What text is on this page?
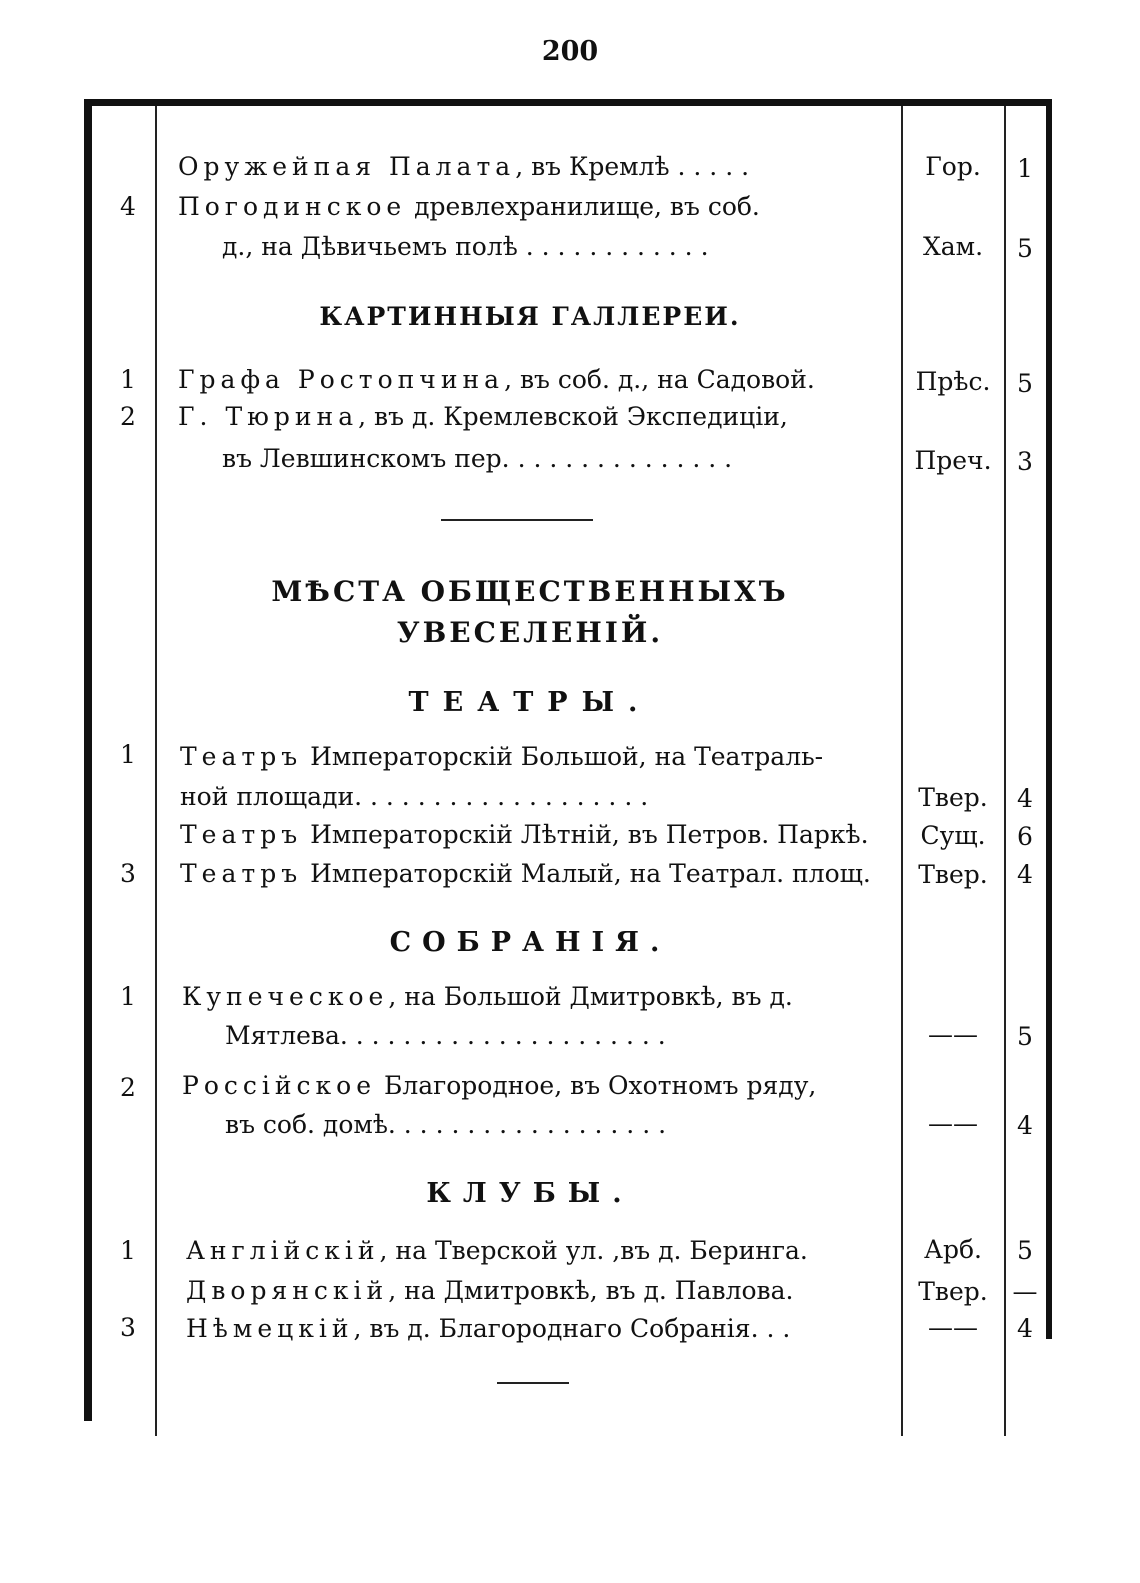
200
Оружейпая Палата, въ Кремлѣ . . . . .	Гор.	1
4	Погодинское древлехранилище, въ соб.
д., на Дѣвичьемъ полѣ . . . . . . . . . . . .	Хам.	5
КАРТИННЫЯ ГАЛЛЕРЕИ.
1	Графа Ростопчина, въ соб. д., на Садовой.	Прѣс.	5
2	Г. Тюрина, въ д. Кремлевской Экспедиціи,
въ Левшинскомъ пер. . . . . . . . . . . . . . .	Преч.	3
МѢСТА ОБЩЕСТВЕННЫХЪ
УВЕСЕЛЕНІЙ.
ТЕАТРЫ.
1	Театръ Императорскій Большой, на Театраль-
ной площади. . . . . . . . . . . . . . . . . . .	Твер.	4
Театръ Императорскій Лѣтній, въ Петров. Паркѣ.	Сущ.	6
3	Театръ Императорскій Малый, на Театрал. площ.	Твер.	4
СОБРАНІЯ.
1	Купеческое, на Большой Дмитровкѣ, въ д.
Мятлева. . . . . . . . . . . . . . . . . . . . .	——	5
2	Россійское Благородное, въ Охотномъ ряду,
въ соб. домѣ. . . . . . . . . . . . . . . . . .	——	4
КЛУБЫ.
1	Англійскій, на Тверской ул. ,въ д. Беринга.	Арб.	5
Дворянскій, на Дмитровкѣ, въ д. Павлова.	Твер. —
3	Нѣмецкій, въ д. Благороднаго Собранія. . .	——	4
